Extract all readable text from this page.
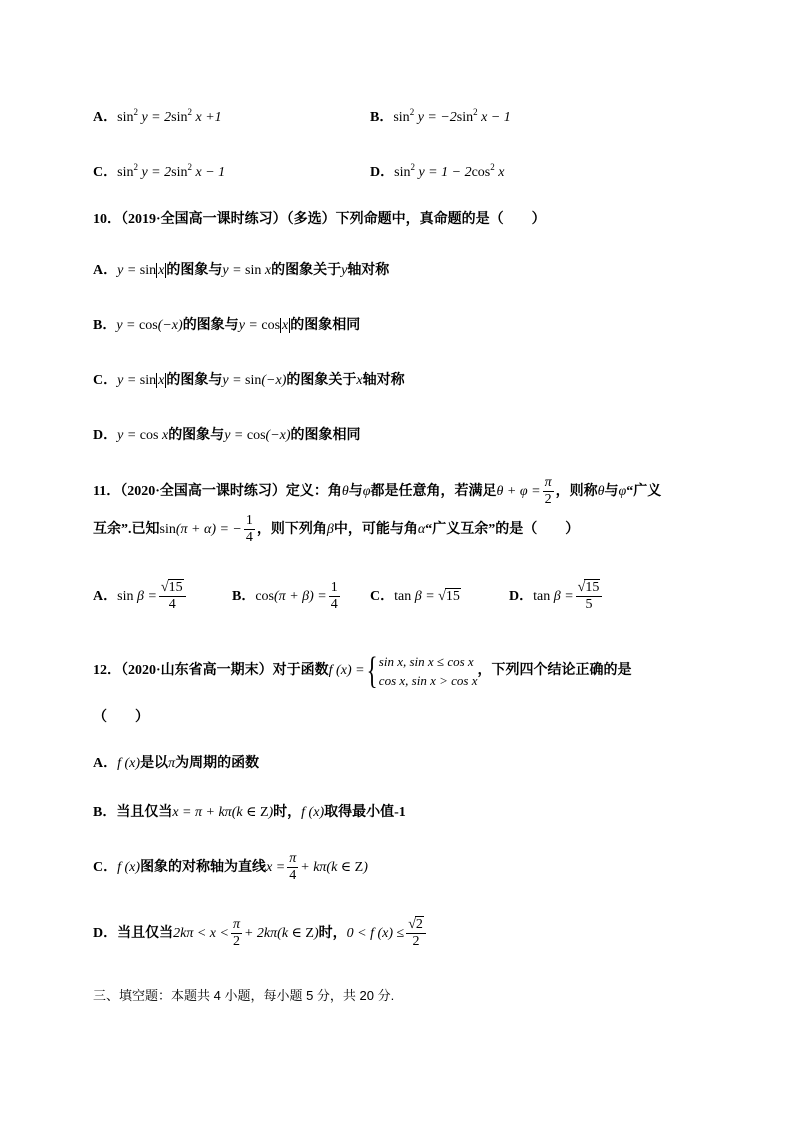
A．$\sin^2 y = 2\sin^2$ x +1	B．$\sin^2 y = -2\sin^2$ x − 1
C．$\sin^2 y = 2\sin^2$ x − 1	D．$\sin^2 y = 1 - 2\cos^2$ x
10．（2019·全国高一课时练习）（多选）下列命题中，真命题的是（　　）
A．y = sin x 的图象与y = sin x的图象关于y轴对称
B．y = cos(−x)的图象与y = cos x 的图象相同
C．y = sin x 的图象与y = sin(−x)的图象关于x轴对称
D．y = cos x的图象与y = cos(−x)的图象相同
11．（2020·全国高一课时练习）定义：角θ与φ都是任意角，若满足$\theta + \varphi = \frac{\pi}{2}$ ，则称θ与φ“广义
互余”.已知sin(π + α) = − $\frac{1}{4}$ ，则下列角β中，可能与角α“广义互余”的是（　　）
A．$\sin \beta = \frac{√15}{4}$	B．$\cos(\pi + \beta) = \frac{1}{4}$ C．tan β = √15	D．$\tan \beta = \frac{√15}{5}$
12．（2020·山东省高一期末）对于函数f (x) ={ sin x, sin x ≤ cos x
cos x, sin x > cos x
，下列四个结论正确的是
（　　）
A．f (x)是以π为周期的函数
B．当且仅当x = π + kπ(k ∈ Z)时，f (x)取得最小值-1
C．f (x)图象的对称轴为直线$x = \frac{\pi}{4} + k\pi(k$ ∈ Z)
D．当且仅当$2k\pi < x < \frac{\pi}{2} + 2k\pi(k$ ∈ Z)时，0 < f $(x) \le \frac{√2}{2}$
三、填空题：本题共 4 小题，每小题 5 分，共 20 分.
